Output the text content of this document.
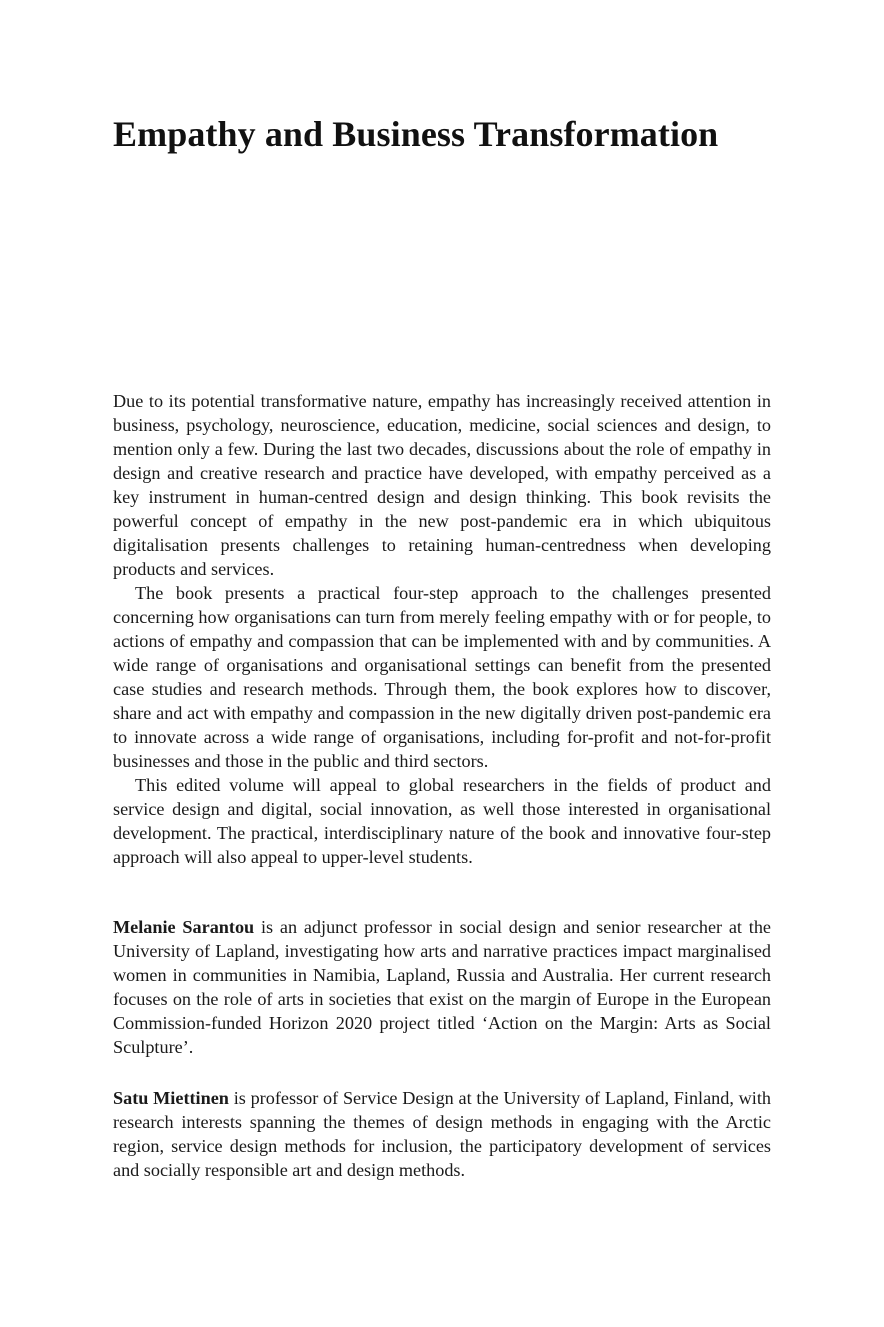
Empathy and Business Transformation

Due to its potential transformative nature, empathy has increasingly received attention in business, psychology, neuroscience, education, medicine, social sciences and design, to mention only a few. During the last two decades, discussions about the role of empathy in design and creative research and practice have developed, with empathy perceived as a key instrument in human-centred design and design thinking. This book revisits the powerful concept of empathy in the new post-pandemic era in which ubiquitous digitalisation presents challenges to retaining human-centredness when developing products and services.

The book presents a practical four-step approach to the challenges presented concerning how organisations can turn from merely feeling empathy with or for people, to actions of empathy and compassion that can be implemented with and by communities. A wide range of organisations and organisational settings can benefit from the presented case studies and research methods. Through them, the book explores how to discover, share and act with empathy and compassion in the new digitally driven post-pandemic era to innovate across a wide range of organisations, including for-profit and not-for-profit businesses and those in the public and third sectors.

This edited volume will appeal to global researchers in the fields of product and service design and digital, social innovation, as well those interested in organisational development. The practical, interdisciplinary nature of the book and innovative four-step approach will also appeal to upper-level students.

Melanie Sarantou is an adjunct professor in social design and senior researcher at the University of Lapland, investigating how arts and narrative practices impact marginalised women in communities in Namibia, Lapland, Russia and Australia. Her current research focuses on the role of arts in societies that exist on the margin of Europe in the European Commission-funded Horizon 2020 project titled ‘Action on the Margin: Arts as Social Sculpture’.

Satu Miettinen is professor of Service Design at the University of Lapland, Finland, with research interests spanning the themes of design methods in engaging with the Arctic region, service design methods for inclusion, the participatory development of services and socially responsible art and design methods.
